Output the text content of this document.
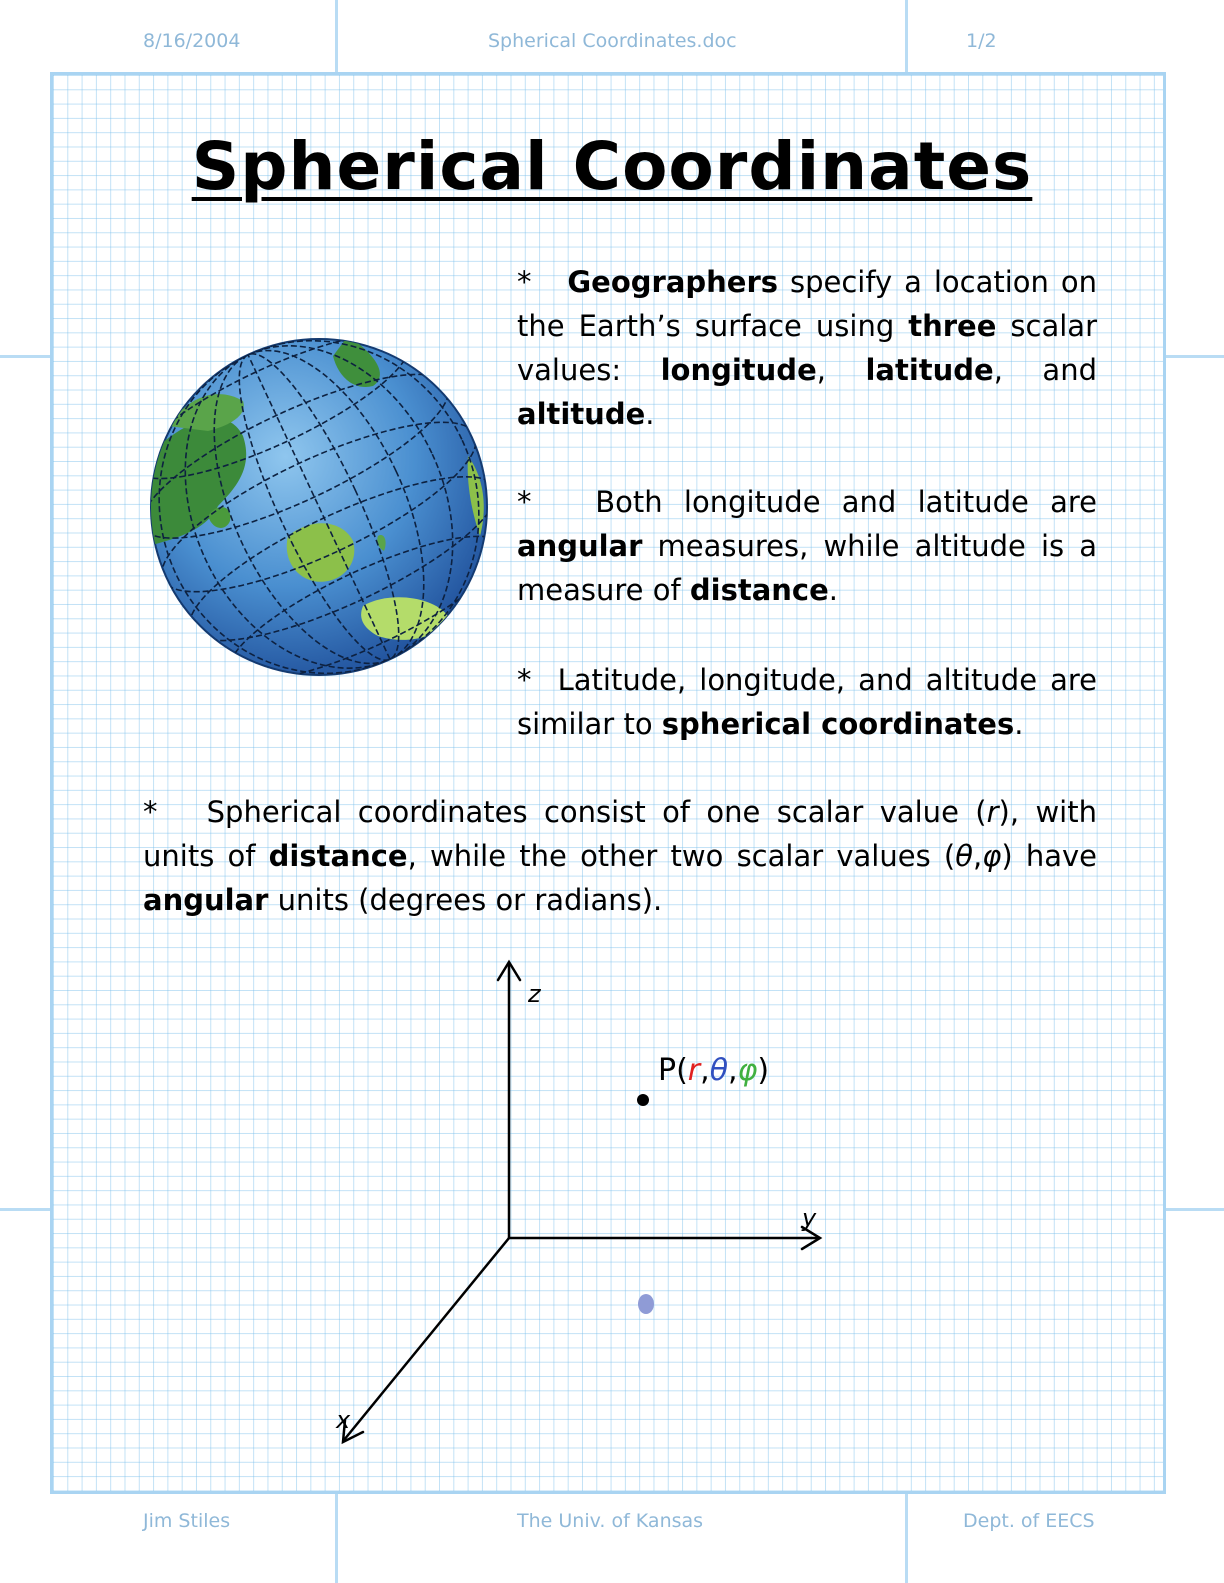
8/16/2004	Spherical Coordinates.doc	1/2
Spherical Coordinates
* Geographers specify a location on the Earth’s surface using three scalar values: longitude, latitude, and altitude.
* Both longitude and latitude are angular measures, while altitude is a measure of distance.
* Latitude, longitude, and altitude are similar to spherical coordinates.
* Spherical coordinates consist of one scalar value (r), with units of distance, while the other two scalar values (θ,φ) have angular units (degrees or radians).
z
y
x
P(r,θ,φ)
Jim Stiles	The Univ. of Kansas	Dept. of EECS
